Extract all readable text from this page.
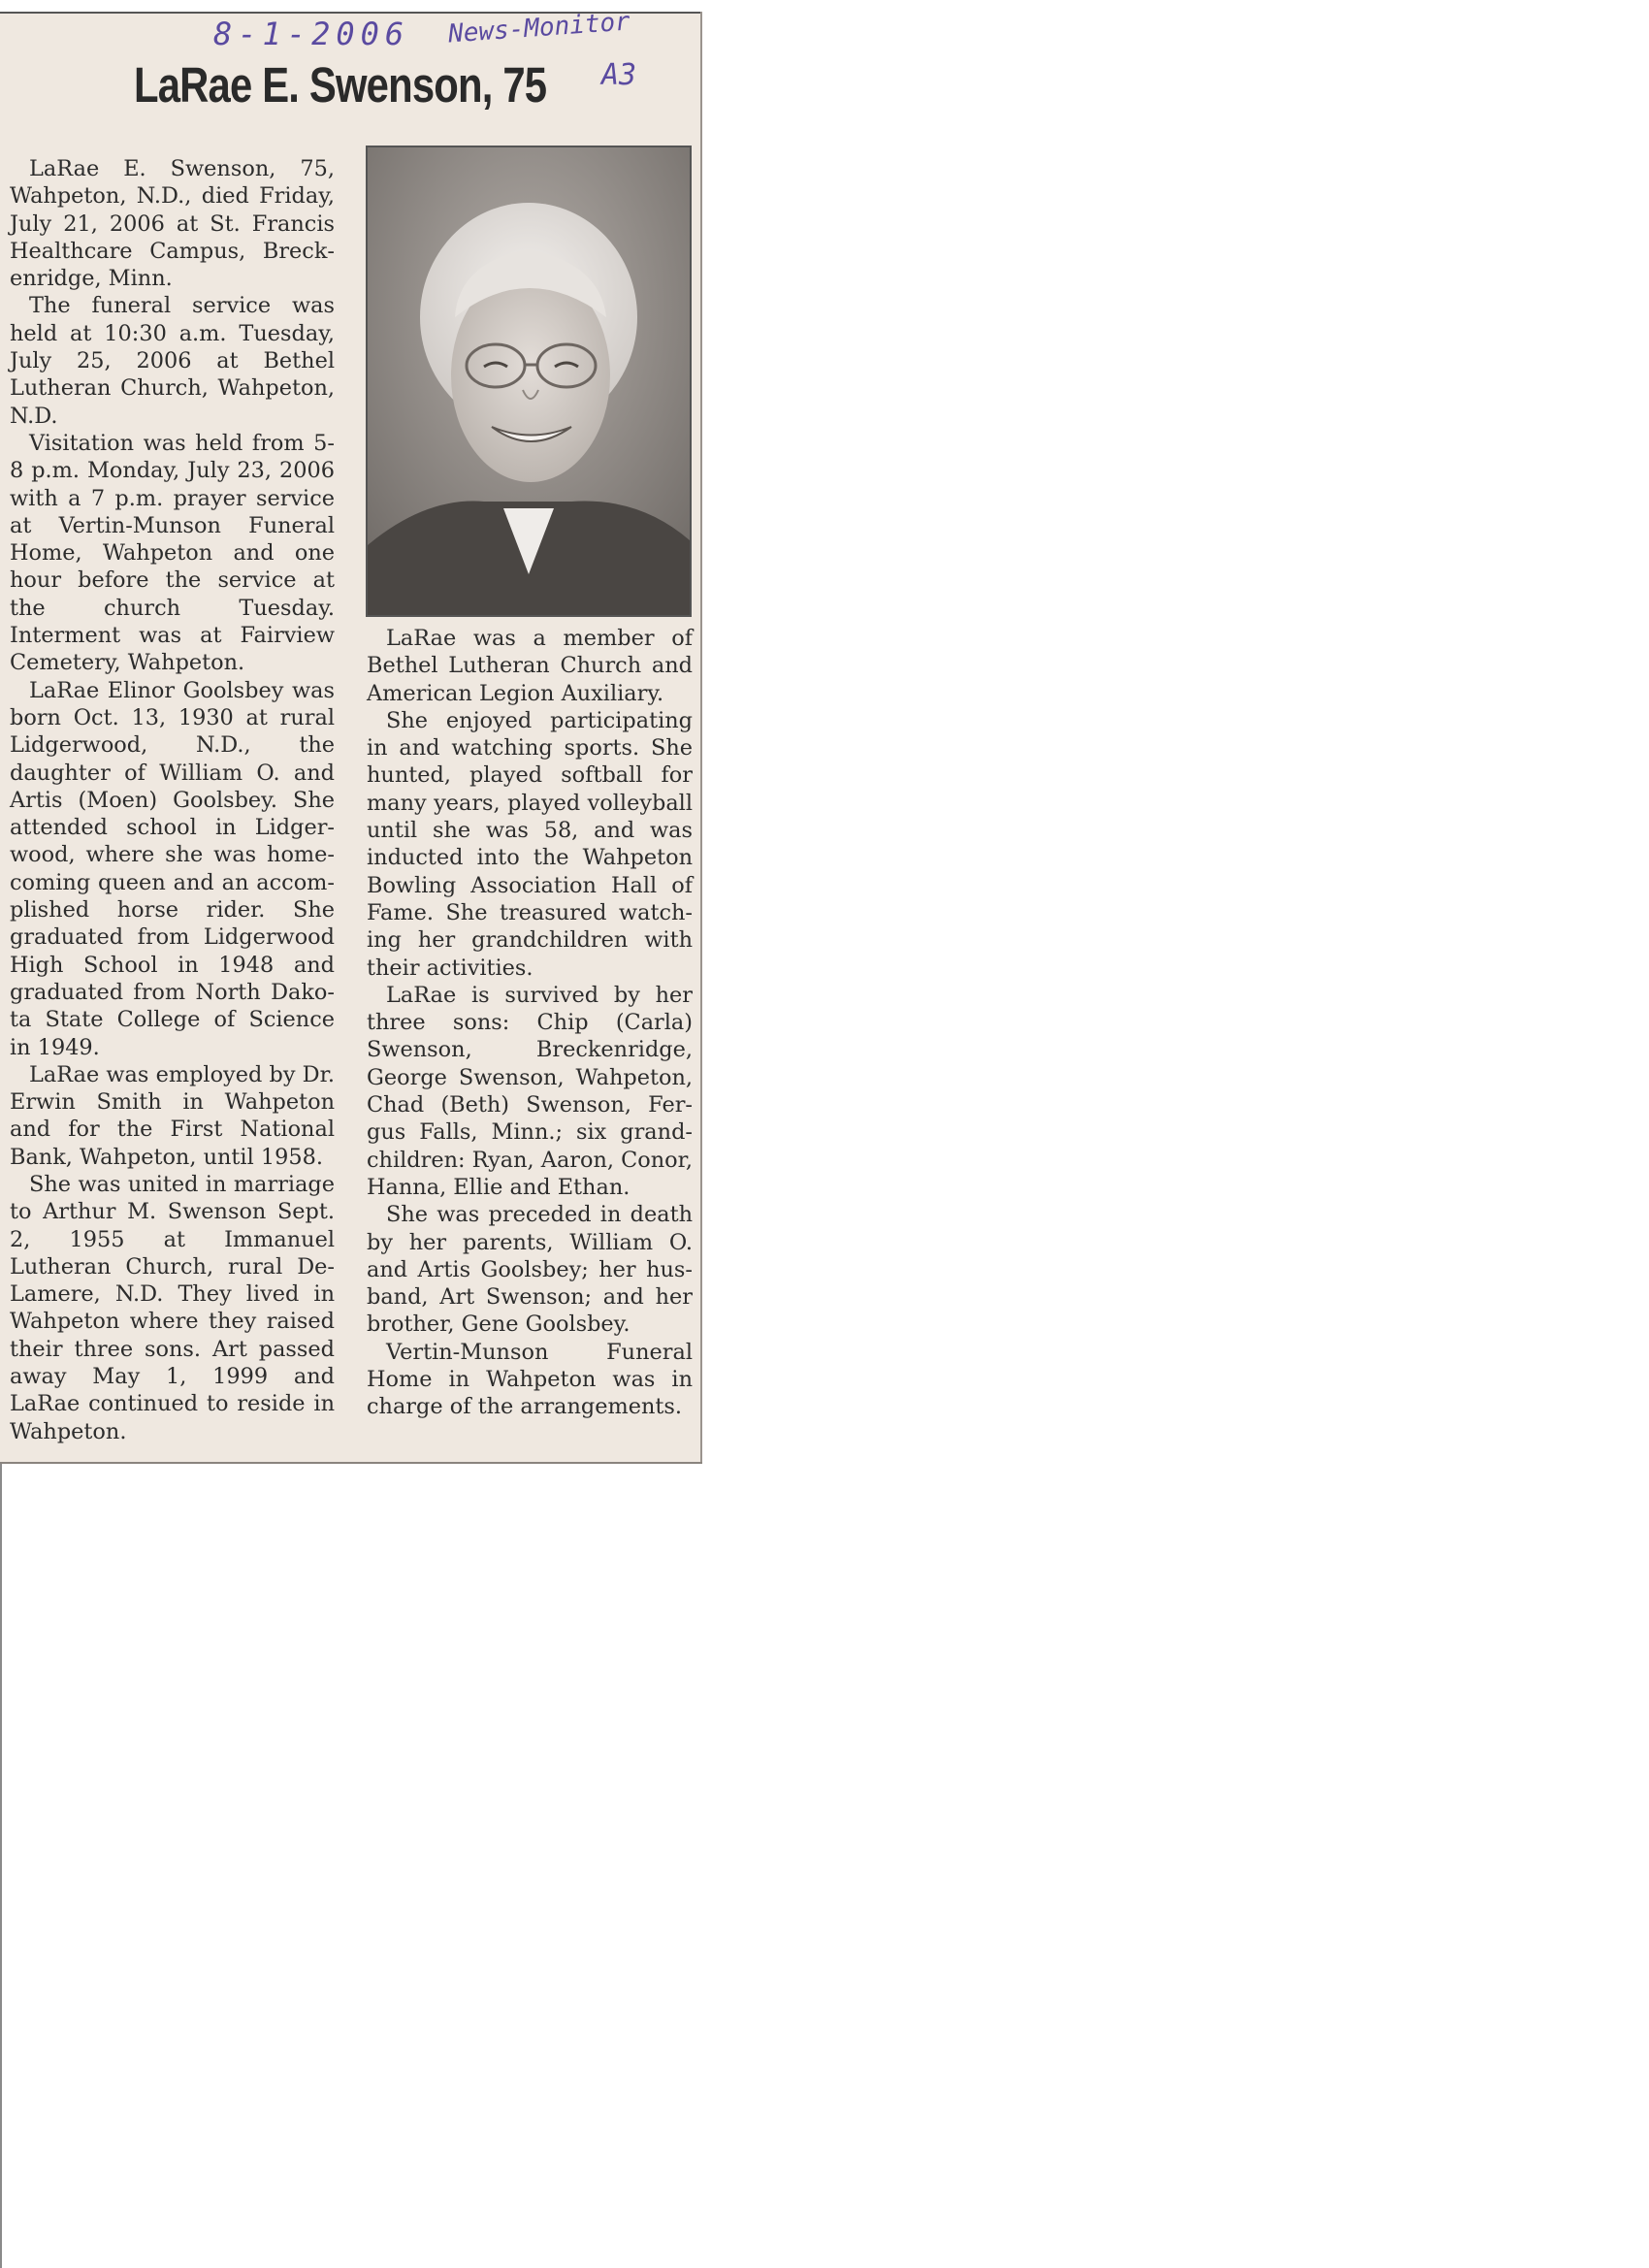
8-1-2006 News-Monitor
A3
LaRae E. Swenson, 75

LaRae E. Swenson, 75, Wahpeton, N.D., died Friday, July 21, 2006 at St. Francis Healthcare Campus, Breckenridge, Minn.

The funeral service was held at 10:30 a.m. Tuesday, July 25, 2006 at Bethel Lutheran Church, Wahpeton, N.D.

Visitation was held from 5-8 p.m. Monday, July 23, 2006 with a 7 p.m. prayer service at Vertin-Munson Funeral Home, Wahpeton and one hour before the service at the church Tuesday. Interment was at Fairview Cemetery, Wahpeton.

LaRae Elinor Goolsbey was born Oct. 13, 1930 at rural Lidgerwood, N.D., the daughter of William O. and Artis (Moen) Goolsbey. She attended school in Lidgerwood, where she was homecoming queen and an accomplished horse rider. She graduated from Lidgerwood High School in 1948 and graduated from North Dakota State College of Science in 1949.

LaRae was employed by Dr. Erwin Smith in Wahpeton and for the First National Bank, Wahpeton, until 1958.

She was united in marriage to Arthur M. Swenson Sept. 2, 1955 at Immanuel Lutheran Church, rural DeLamere, N.D. They lived in Wahpeton where they raised their three sons. Art passed away May 1, 1999 and LaRae continued to reside in Wahpeton.

LaRae was a member of Bethel Lutheran Church and American Legion Auxiliary.

She enjoyed participating in and watching sports. She hunted, played softball for many years, played volleyball until she was 58, and was inducted into the Wahpeton Bowling Association Hall of Fame. She treasured watching her grandchildren with their activities.

LaRae is survived by her three sons: Chip (Carla) Swenson, Breckenridge, George Swenson, Wahpeton, Chad (Beth) Swenson, Fergus Falls, Minn.; six grandchildren: Ryan, Aaron, Conor, Hanna, Ellie and Ethan.

She was preceded in death by her parents, William O. and Artis Goolsbey; her husband, Art Swenson; and her brother, Gene Goolsbey.

Vertin-Munson Funeral Home in Wahpeton was in charge of the arrangements.
